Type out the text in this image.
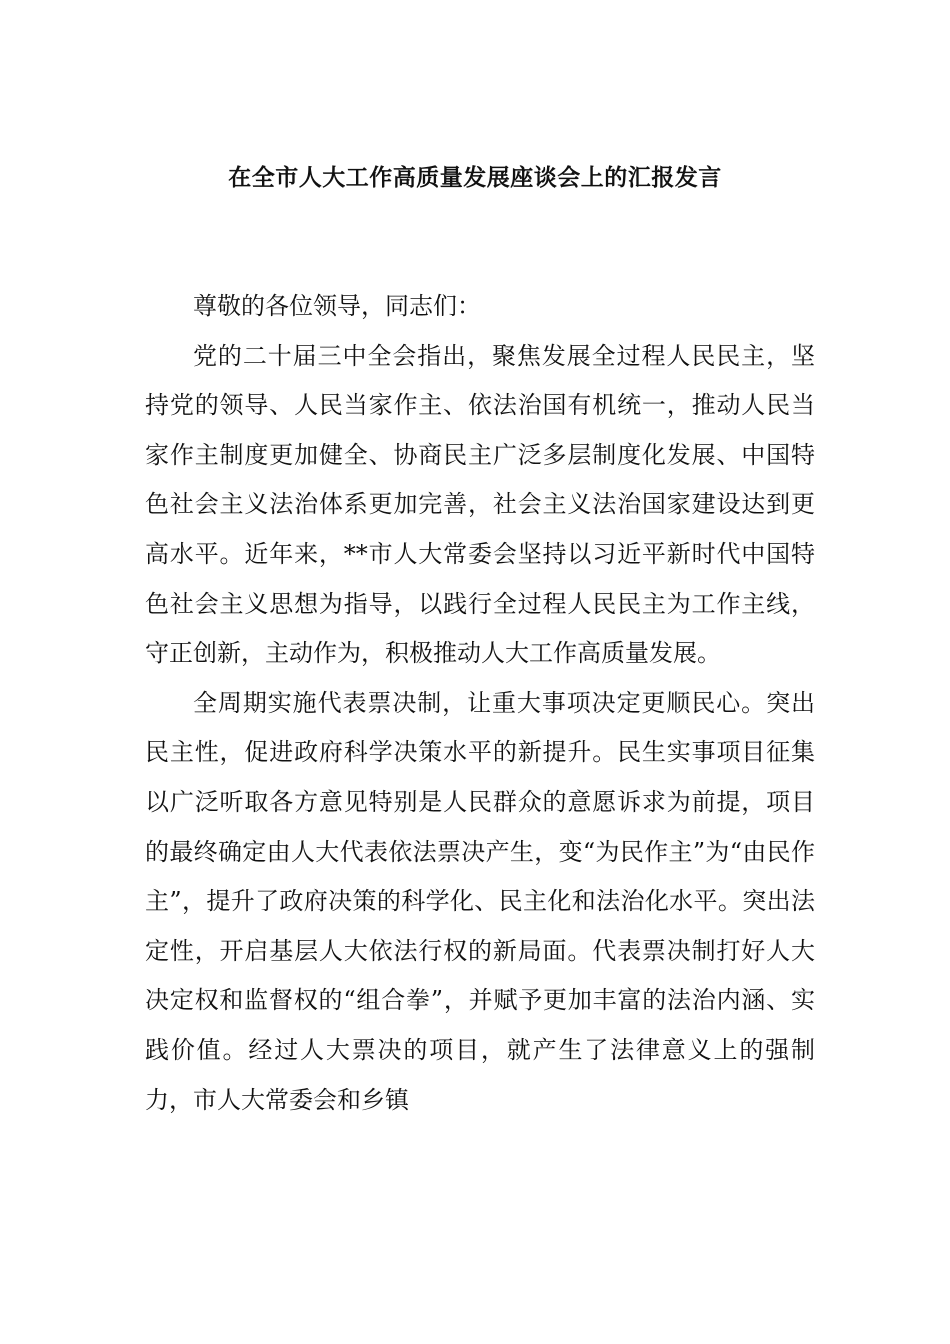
在全市人大工作高质量发展座谈会上的汇报发言

尊敬的各位领导，同志们：

党的二十届三中全会指出，聚焦发展全过程人民民主，坚持党的领导、人民当家作主、依法治国有机统一，推动人民当家作主制度更加健全、协商民主广泛多层制度化发展、中国特色社会主义法治体系更加完善，社会主义法治国家建设达到更高水平。近年来，**市人大常委会坚持以习近平新时代中国特色社会主义思想为指导，以践行全过程人民民主为工作主线，守正创新，主动作为，积极推动人大工作高质量发展。

全周期实施代表票决制，让重大事项决定更顺民心。突出民主性，促进政府科学决策水平的新提升。民生实事项目征集以广泛听取各方意见特别是人民群众的意愿诉求为前提，项目的最终确定由人大代表依法票决产生，变“为民作主”为“由民作主”，提升了政府决策的科学化、民主化和法治化水平。突出法定性，开启基层人大依法行权的新局面。代表票决制打好人大决定权和监督权的“组合拳”，并赋予更加丰富的法治内涵、实践价值。经过人大票决的项目，就产生了法律意义上的强制力，市人大常委会和乡镇
